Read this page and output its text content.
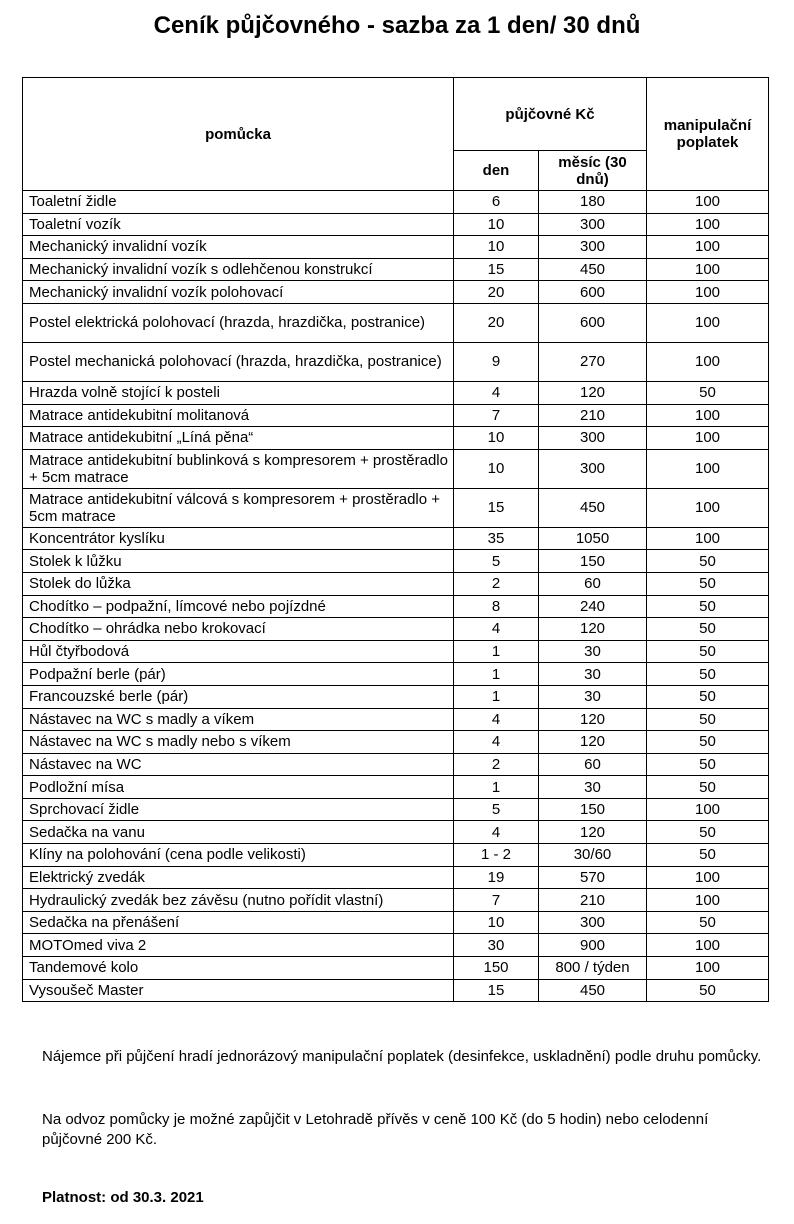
Ceník půjčovného - sazba za 1 den/ 30 dnů
pomůcka	půjčovné Kč		manipulační poplatek
	den	měsíc (30 dnů)	
Toaletní židle	6	180	100
Toaletní vozík	10	300	100
Mechanický invalidní vozík	10	300	100
Mechanický invalidní vozík s odlehčenou konstrukcí	15	450	100
Mechanický invalidní vozík polohovací	20	600	100
Postel elektrická polohovací (hrazda, hrazdička, postranice)	20	600	100
Postel mechanická polohovací (hrazda, hrazdička, postranice)	9	270	100
Hrazda volně stojící k posteli	4	120	50
Matrace antidekubitní molitanová	7	210	100
Matrace antidekubitní „Líná pěna“	10	300	100
Matrace antidekubitní bublinková s kompresorem + prostěradlo + 5cm matrace	10	300	100
Matrace antidekubitní válcová s kompresorem + prostěradlo + 5cm matrace	15	450	100
Koncentrátor kyslíku	35	1050	100
Stolek k lůžku	5	150	50
Stolek do lůžka	2	60	50
Chodítko – podpažní, límcové nebo pojízdné	8	240	50
Chodítko – ohrádka nebo krokovací	4	120	50
Hůl čtyřbodová	1	30	50
Podpažní berle (pár)	1	30	50
Francouzské berle (pár)	1	30	50
Nástavec na WC s madly a víkem	4	120	50
Nástavec na WC s madly nebo s víkem	4	120	50
Nástavec na WC	2	60	50
Podložní mísa	1	30	50
Sprchovací židle	5	150	100
Sedačka na vanu	4	120	50
Klíny na polohování (cena podle velikosti)	1 - 2	30/60	50
Elektrický zvedák	19	570	100
Hydraulický zvedák bez závěsu (nutno pořídit vlastní)	7	210	100
Sedačka na přenášení	10	300	50
MOTOmed viva 2	30	900	100
Tandemové kolo	150	800 / týden	100
Vysoušeč Master	15	450	50

Nájemce při půjčení hradí jednorázový manipulační poplatek (desinfekce, uskladnění) podle druhu pomůcky.

Na odvoz pomůcky je možné zapůjčit v Letohradě přívěs v ceně 100 Kč (do 5 hodin) nebo celodenní půjčovné 200 Kč.

Platnost: od 30.3. 2021
